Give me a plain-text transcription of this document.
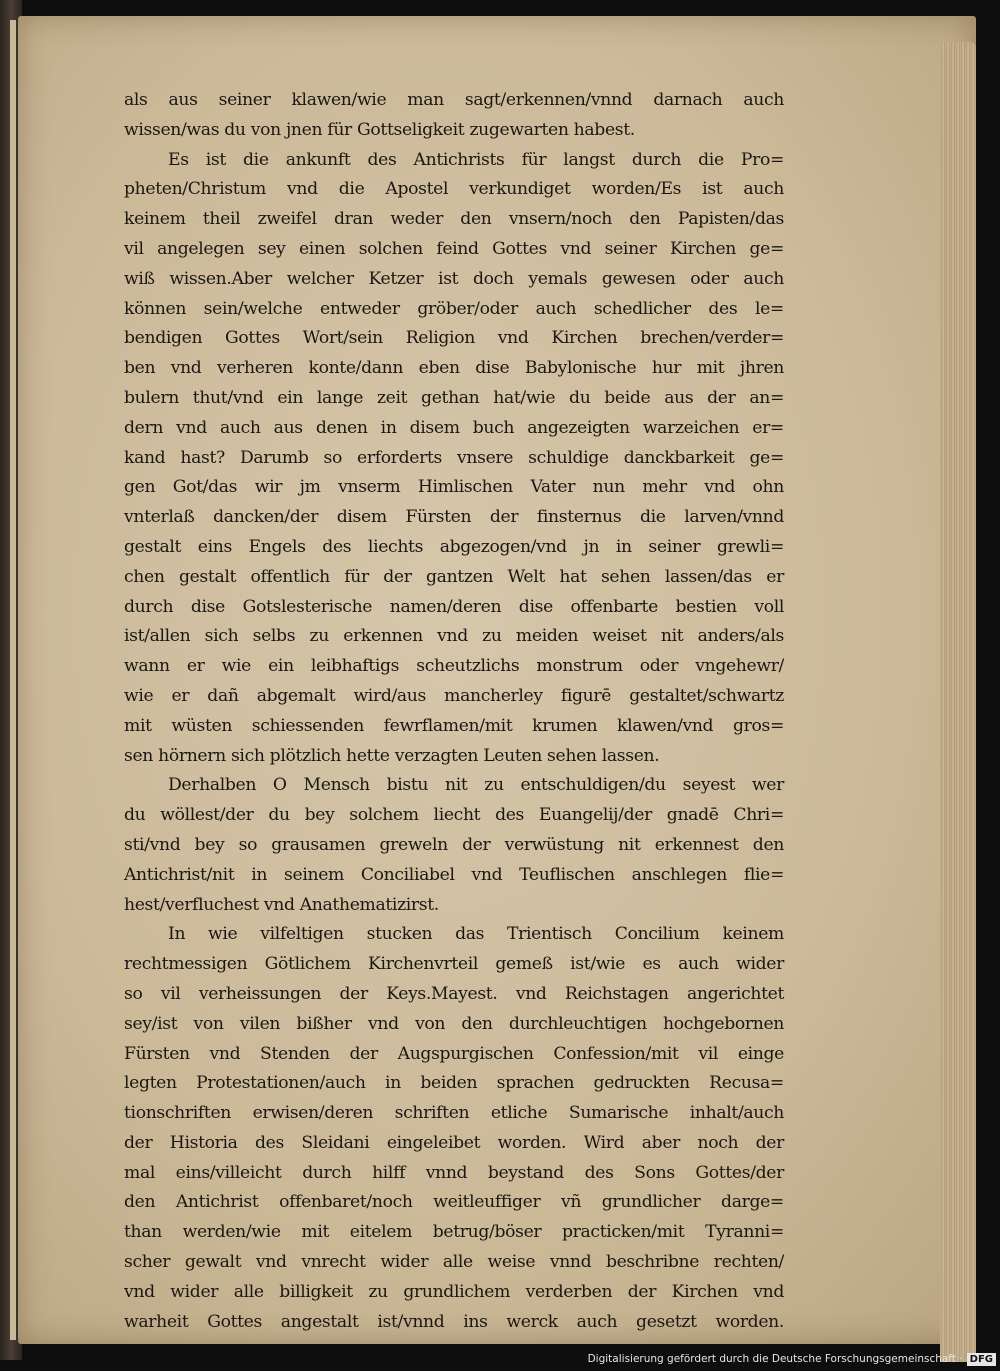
als aus seiner klawen/wie man sagt/erkennen/vnnd darnach auch
wissen/was du von jnen für Gottseligkeit zugewarten habest.
Es ist die ankunft des Antichrists für langst durch die Pro=
pheten/Christum vnd die Apostel verkundiget worden/Es ist auch
keinem theil zweifel dran weder den vnsern/noch den Papisten/das
vil angelegen sey einen solchen feind Gottes vnd seiner Kirchen ge=
wiß wissen.Aber welcher Ketzer ist doch yemals gewesen oder auch
können sein/welche entweder gröber/oder auch schedlicher des le=
bendigen Gottes Wort/sein Religion vnd Kirchen brechen/verder=
ben vnd verheren konte/dann eben dise Babylonische hur mit jhren
bulern thut/vnd ein lange zeit gethan hat/wie du beide aus der an=
dern vnd auch aus denen in disem buch angezeigten warzeichen er=
kand hast? Darumb so erforderts vnsere schuldige danckbarkeit ge=
gen Got/das wir jm vnserm Himlischen Vater nun mehr vnd ohn
vnterlaß dancken/der disem Fürsten der finsternus die larven/vnnd
gestalt eins Engels des liechts abgezogen/vnd jn in seiner grewli=
chen gestalt offentlich für der gantzen Welt hat sehen lassen/das er
durch dise Gotslesterische namen/deren dise offenbarte bestien voll
ist/allen sich selbs zu erkennen vnd zu meiden weiset nit anders/als
wann er wie ein leibhaftigs scheutzlichs monstrum oder vngehewr/
wie er dañ abgemalt wird/aus mancherley figurē gestaltet/schwartz
mit wüsten schiessenden fewrflamen/mit krumen klawen/vnd gros=
sen hörnern sich plötzlich hette verzagten Leuten sehen lassen.
Derhalben O Mensch bistu nit zu entschuldigen/du seyest wer
du wöllest/der du bey solchem liecht des Euangelij/der gnadē Chri=
sti/vnd bey so grausamen greweln der verwüstung nit erkennest den
Antichrist/nit in seinem Conciliabel vnd Teuflischen anschlegen flie=
hest/verfluchest vnd Anathematizirst.
In wie vilfeltigen stucken das Trientisch Concilium keinem
rechtmessigen Götlichem Kirchenvrteil gemeß ist/wie es auch wider
so vil verheissungen der Keys.Mayest. vnd Reichstagen angerichtet
sey/ist von vilen bißher vnd von den durchleuchtigen hochgebornen
Fürsten vnd Stenden der Augspurgischen Confession/mit vil einge
legten Protestationen/auch in beiden sprachen gedruckten Recusa=
tionschriften erwisen/deren schriften etliche Sumarische inhalt/auch
der Historia des Sleidani eingeleibet worden. Wird aber noch der
mal eins/villeicht durch hilff vnnd beystand des Sons Gottes/der
den Antichrist offenbaret/noch weitleuffiger vñ grundlicher darge=
than werden/wie mit eitelem betrug/böser practicken/mit Tyranni=
scher gewalt vnd vnrecht wider alle weise vnnd beschribne rechten/
vnd wider alle billigkeit zu grundlichem verderben der Kirchen vnd
warheit Gottes angestalt ist/vnnd ins werck auch gesetzt worden.
Digitalisierung gefördert durch die Deutsche Forschungsgemeinschaft · DFG
